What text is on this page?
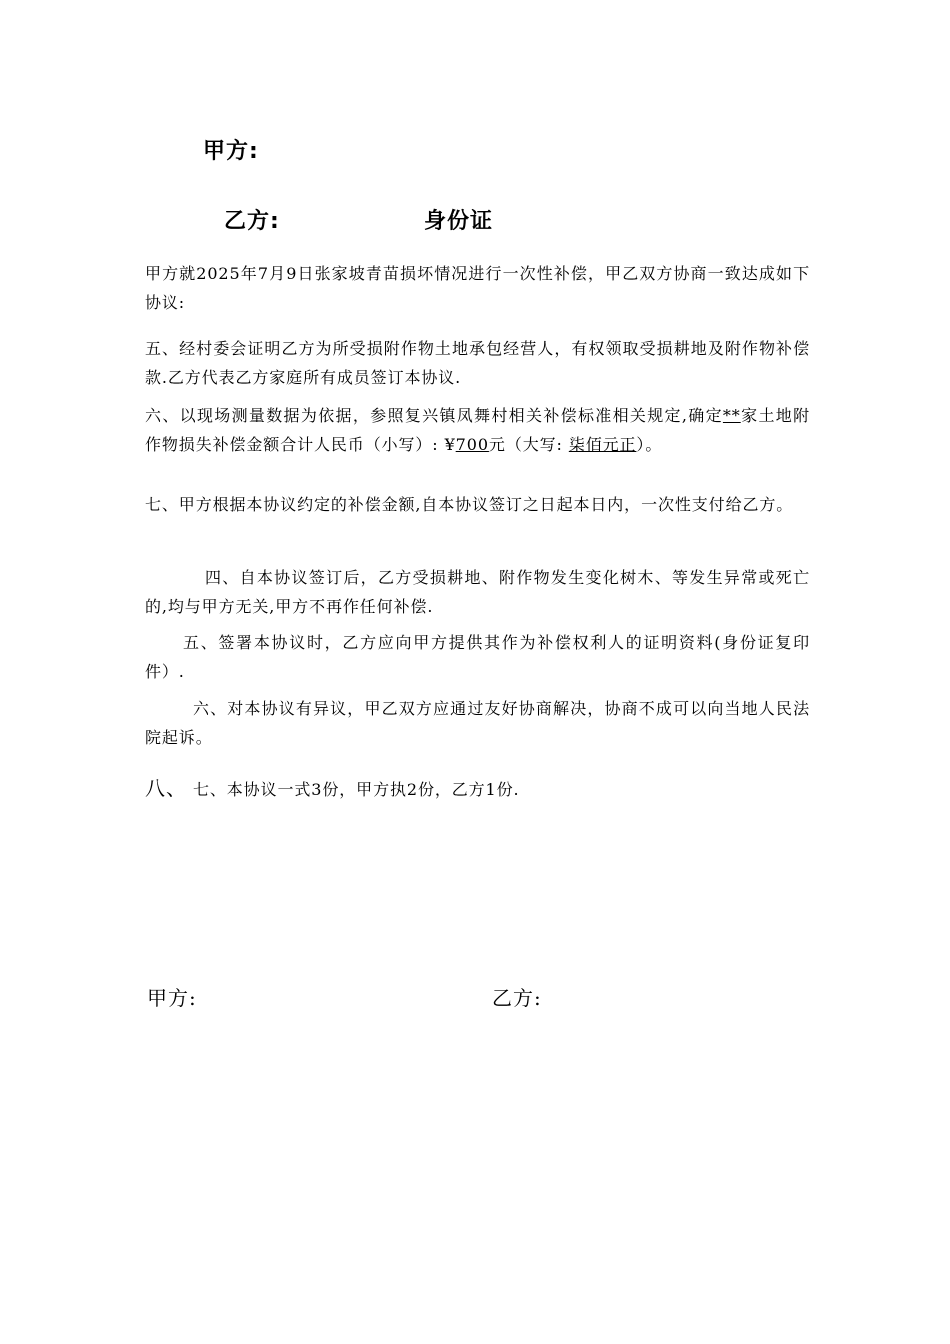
甲方:
乙方:	身份证
甲方就2025年7月9日张家坡青苗损坏情况进行一次性补偿，甲乙双方协商一致达成如下协议:
五、经村委会证明乙方为所受损附作物土地承包经营人，有权领取受损耕地及附作物补偿款.乙方代表乙方家庭所有成员签订本协议.
六、以现场测量数据为依据，参照复兴镇凤舞村相关补偿标准相关规定,确定**家土地附作物损失补偿金额合计人民币（小写）: ¥700元（大写: 柒佰元正）。
七、甲方根据本协议约定的补偿金额,自本协议签订之日起本日内，一次性支付给乙方。
四、自本协议签订后，乙方受损耕地、附作物发生变化树木、等发生异常或死亡的,均与甲方无关,甲方不再作任何补偿.
五、签署本协议时，乙方应向甲方提供其作为补偿权利人的证明资料(身份证复印件）.
六、对本协议有异议，甲乙双方应通过友好协商解决，协商不成可以向当地人民法院起诉。
八、 七、本协议一式3份，甲方执2份，乙方1份.
甲方:	乙方:
